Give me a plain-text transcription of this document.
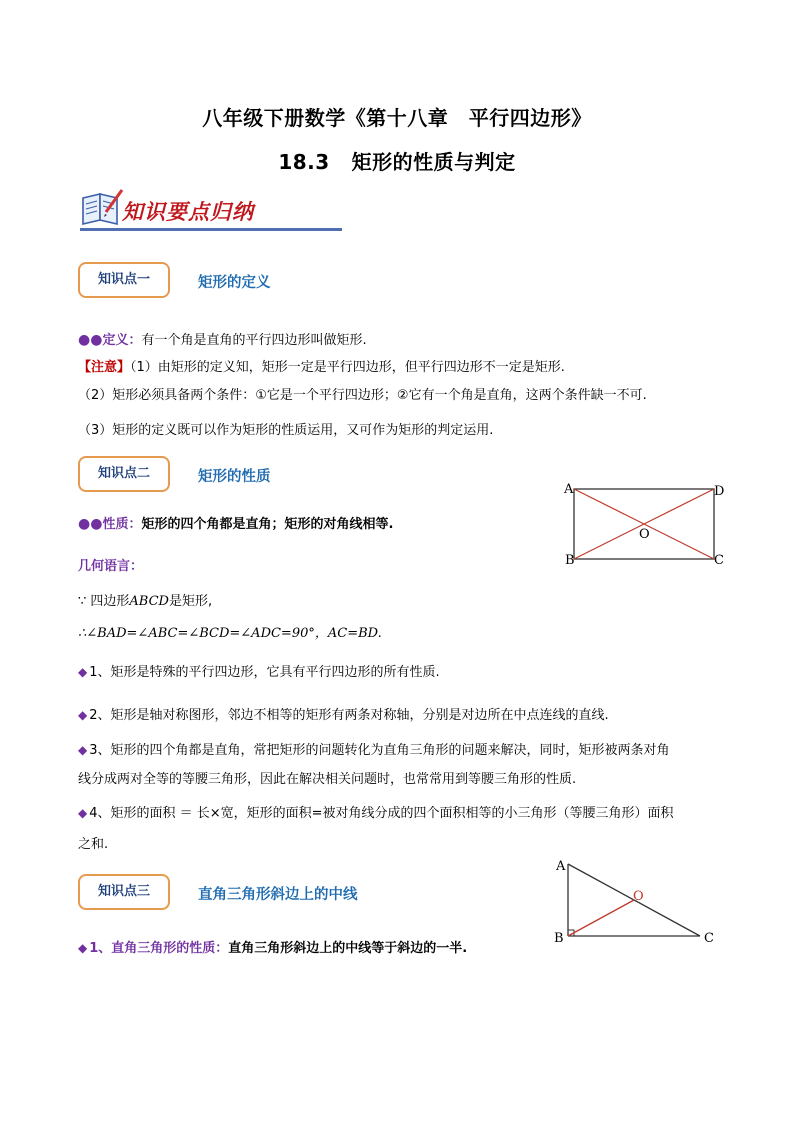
八年级下册数学《第十八章　平行四边形》
18.3 矩形的性质与判定
知识要点归纳
知识点一	矩形的定义
●●定义：有一个角是直角的平行四边形叫做矩形.
【注意】（1）由矩形的定义知，矩形一定是平行四边形，但平行四边形不一定是矩形.
（2）矩形必须具备两个条件：①它是一个平行四边形；②它有一个角是直角，这两个条件缺一不可.
（3）矩形的定义既可以作为矩形的性质运用，又可作为矩形的判定运用.
知识点二	矩形的性质
A	D
B	C
O
●●性质：矩形的四个角都是直角；矩形的对角线相等.
几何语言：
∵ 四边形ABCD是矩形,
∴∠BAD=∠ABC=∠BCD=∠ADC=90°，AC=BD.
◆ 1、矩形是特殊的平行四边形，它具有平行四边形的所有性质.
◆ 2、矩形是轴对称图形，邻边不相等的矩形有两条对称轴，分别是对边所在中点连线的直线.
◆ 3、矩形的四个角都是直角，常把矩形的问题转化为直角三角形的问题来解决，同时，矩形被两条对角
线分成两对全等的等腰三角形，因此在解决相关问题时，也常常用到等腰三角形的性质.
◆ 4、矩形的面积 ＝ 长×宽，矩形的面积=被对角线分成的四个面积相等的小三角形（等腰三角形）面积
之和.
知识点三	直角三角形斜边上的中线
A
B	C
O
◆ 1、直角三角形的性质：直角三角形斜边上的中线等于斜边的一半.
